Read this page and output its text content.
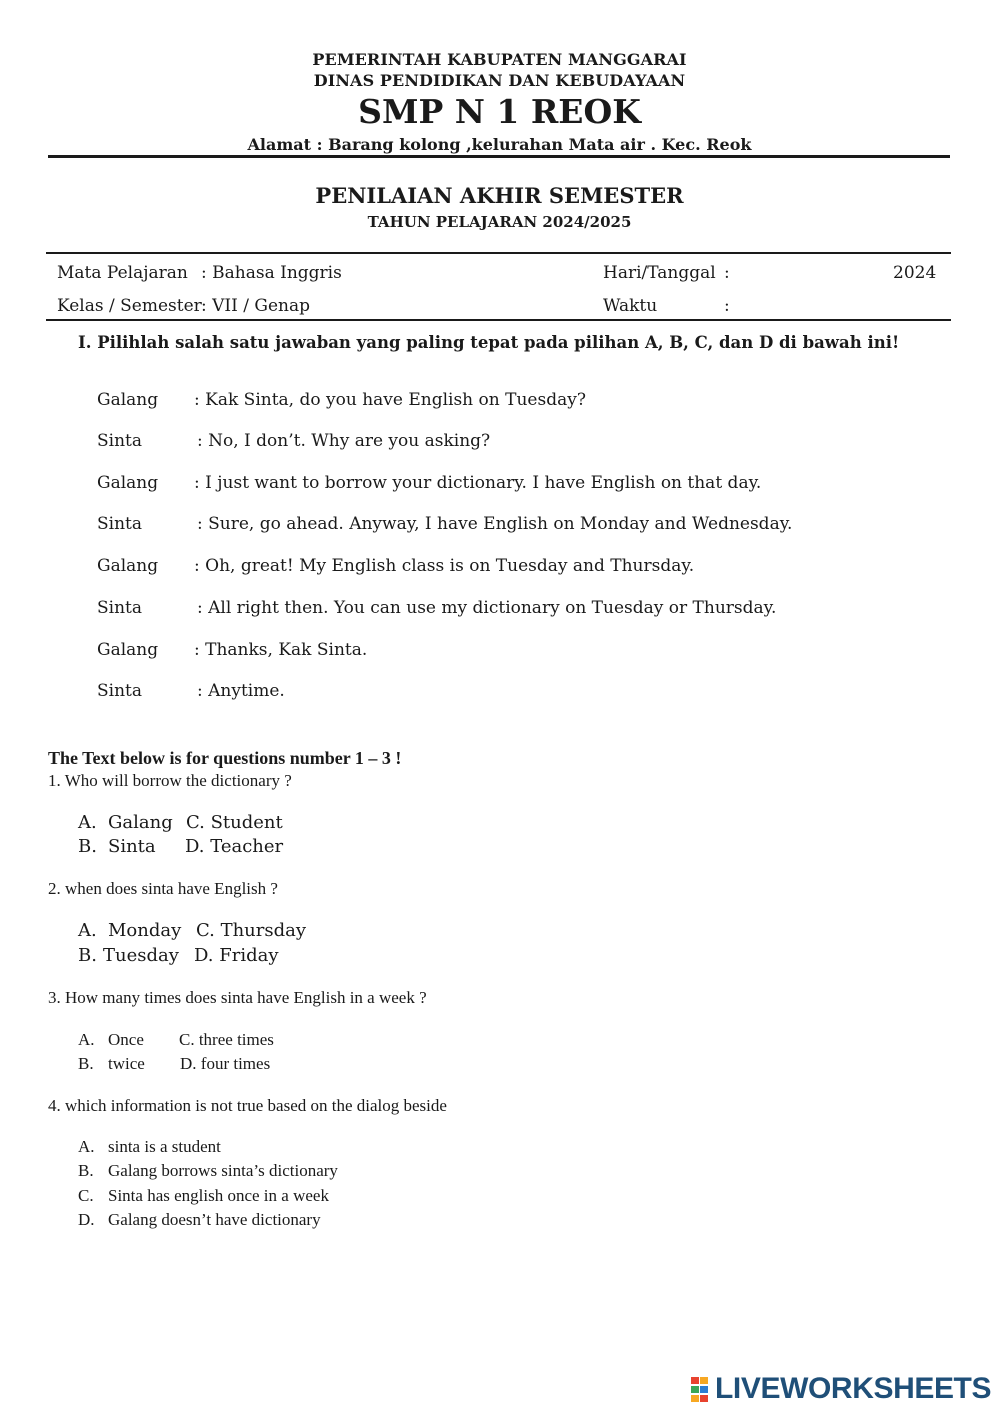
PEMERINTAH KABUPATEN MANGGARAI
DINAS PENDIDIKAN DAN KEBUDAYAAN
SMP N 1 REOK
Alamat : Barang kolong ,kelurahan Mata air . Kec. Reok
PENILAIAN AKHIR SEMESTER
TAHUN PELAJARAN 2024/2025
Mata Pelajaran : Bahasa Inggris	Hari/Tanggal :	2024
Kelas / Semester : VII / Genap	Waktu	:
I. Pilihlah salah satu jawaban yang paling tepat pada pilihan A, B, C, dan D di bawah ini!
Galang : Kak Sinta, do you have English on Tuesday?
Sinta	: No, I don’t. Why are you asking?
Galang : I just want to borrow your dictionary. I have English on that day.
Sinta	: Sure, go ahead. Anyway, I have English on Monday and Wednesday.
Galang : Oh, great! My English class is on Tuesday and Thursday.
Sinta	: All right then. You can use my dictionary on Tuesday or Thursday.
Galang : Thanks, Kak Sinta.
Sinta	: Anytime.
The Text below is for questions number 1 – 3 !
1. Who will borrow the dictionary ?
A. Galang C. Student
B. Sinta D. Teacher
2. when does sinta have English ?
A. Monday C. Thursday
B. Tuesday D. Friday
3. How many times does sinta have English in a week ?
A. Once C. three times
B. twice D. four times
4. which information is not true based on the dialog beside
A. sinta is a student
B. Galang borrows sinta’s dictionary
C. Sinta has english once in a week
D. Galang doesn’t have dictionary
LIVEWORKSHEETS
